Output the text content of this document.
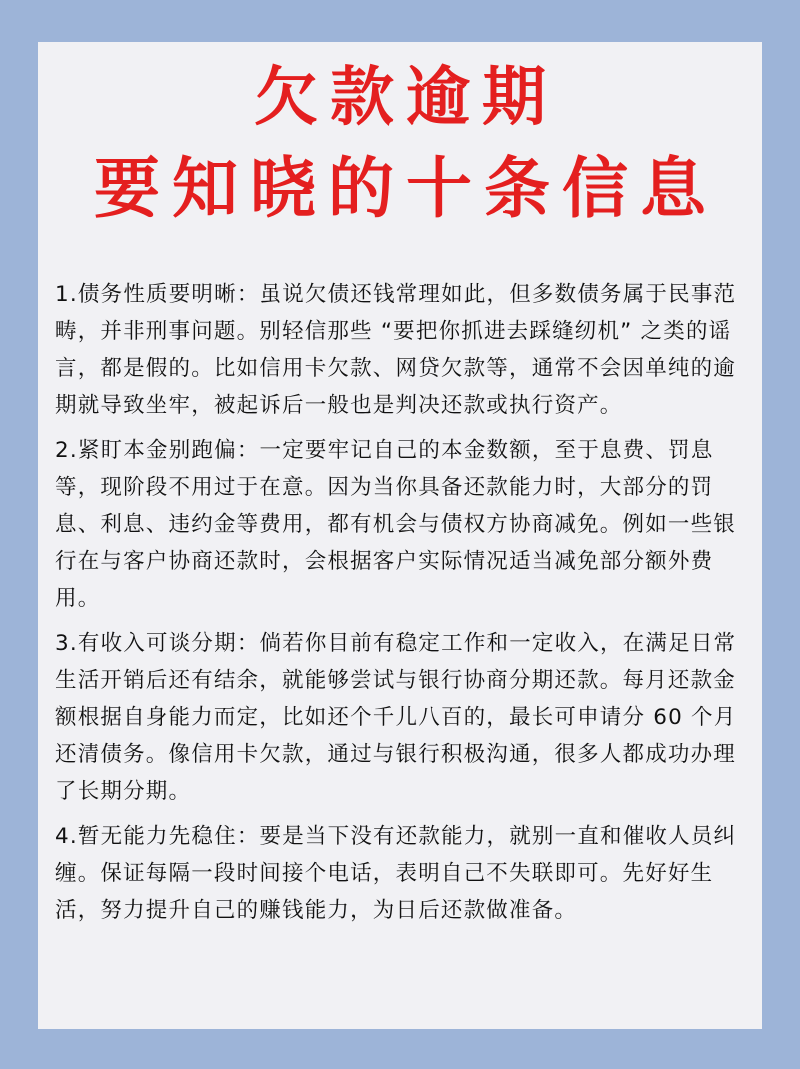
欠款逾期
要知晓的十条信息

1.债务性质要明晰：虽说欠债还钱常理如此，但多数债务属于民事范畴，并非刑事问题。别轻信那些 “要把你抓进去踩缝纫机” 之类的谣言，都是假的。比如信用卡欠款、网贷欠款等，通常不会因单纯的逾期就导致坐牢，被起诉后一般也是判决还款或执行资产。

2.紧盯本金别跑偏：一定要牢记自己的本金数额，至于息费、罚息等，现阶段不用过于在意。因为当你具备还款能力时，大部分的罚息、利息、违约金等费用，都有机会与债权方协商减免。例如一些银行在与客户协商还款时，会根据客户实际情况适当减免部分额外费用。

3.有收入可谈分期：倘若你目前有稳定工作和一定收入，在满足日常生活开销后还有结余，就能够尝试与银行协商分期还款。每月还款金额根据自身能力而定，比如还个千儿八百的，最长可申请分 60 个月还清债务。像信用卡欠款，通过与银行积极沟通，很多人都成功办理了长期分期。

4.暂无能力先稳住：要是当下没有还款能力，就别一直和催收人员纠缠。保证每隔一段时间接个电话，表明自己不失联即可。先好好生活，努力提升自己的赚钱能力，为日后还款做准备。
